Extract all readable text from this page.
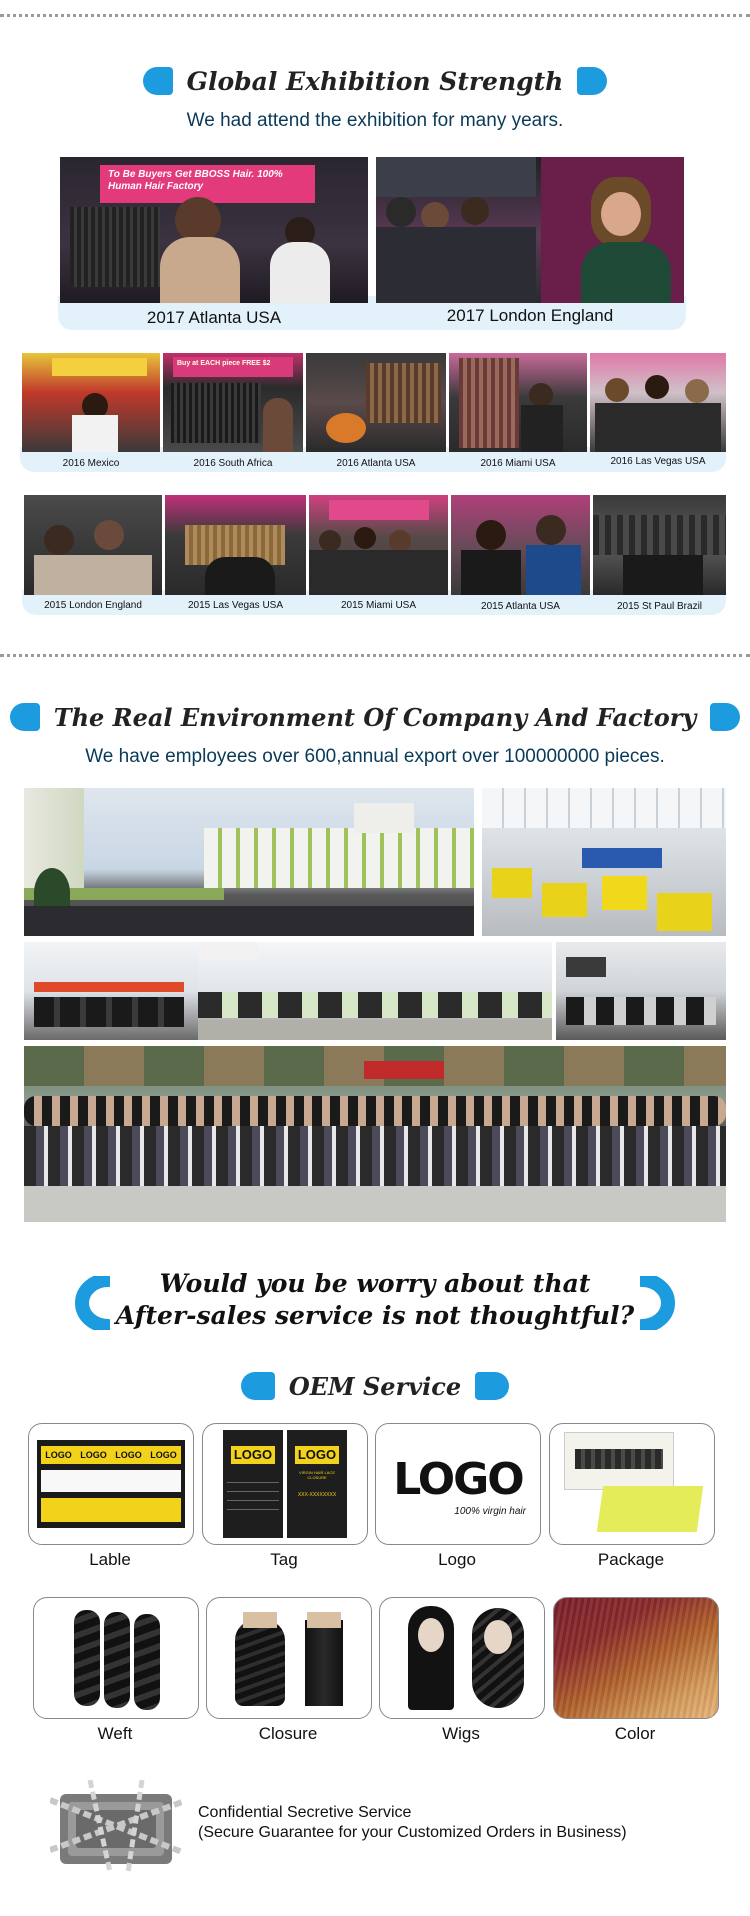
Global Exhibition Strength
We had attend the exhibition for many years.
To Be Buyers Get BBOSS Hair. 100% Human Hair Factory
2017 Atlanta USA	2017 London England
Buy at EACH piece FREE $2
2016 Mexico	2016 South Africa	2016 Atlanta USA	2016 Miami USA	2016 Las Vegas USA
2015 London England	2015 Las Vegas USA	2015 Miami USA	2015 Atlanta USA	2015 St Paul Brazil
The Real Environment Of Company And Factory
We have employees over 600,annual export over 100000000 pieces.
Would you be worry about that
After-sales service is not thoughtful?
OEM Service
LOGO LOGO LOGO LOGO	LOGO LOGO
VIRGIN HAIR LACE CLOSURE
XXX-XXXXXXXX	LOGO
100% virgin hair
Lable	Tag	Logo	Package
Weft	Closure	Wigs	Color
Confidential Secretive Service
(Secure Guarantee for your Customized Orders in Business)
